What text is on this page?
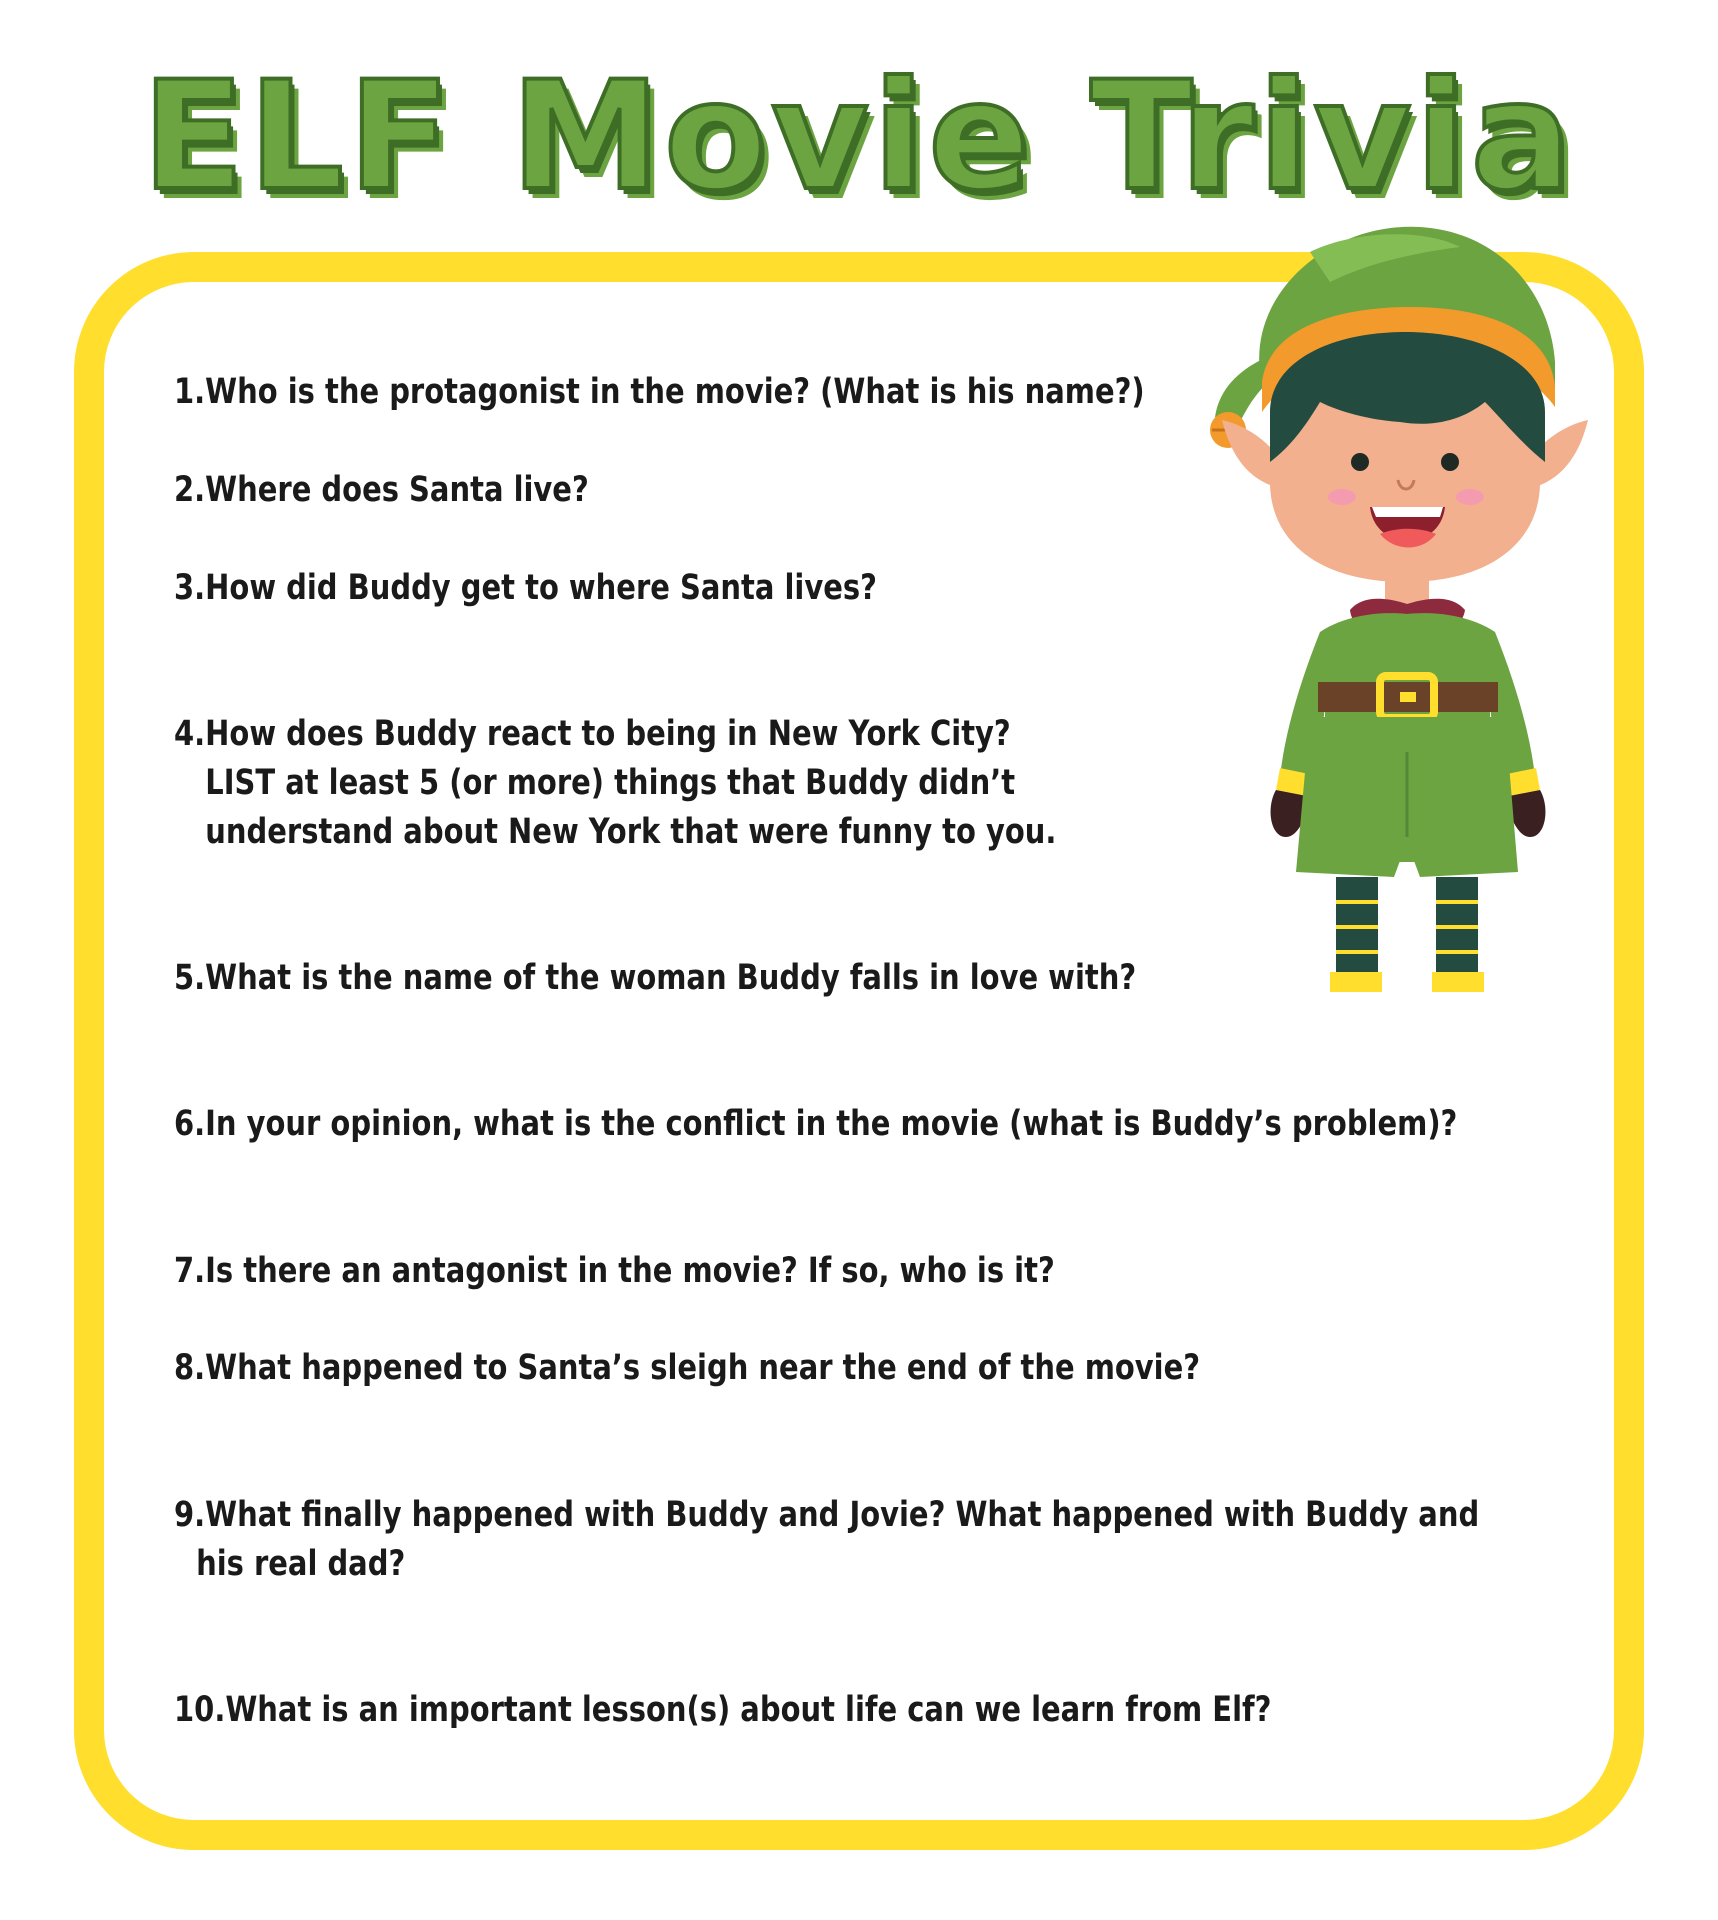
ELF Movie Trivia
1.Who is the protagonist in the movie? (What is his name?)
2.Where does Santa live?
3.How did Buddy get to where Santa lives?
4.How does Buddy react to being in New York City?
LIST at least 5 (or more) things that Buddy didn’t
understand about New York that were funny to you.
5.What is the name of the woman Buddy falls in love with?
6.In your opinion, what is the conflict in the movie (what is Buddy’s problem)?
7.Is there an antagonist in the movie? If so, who is it?
8.What happened to Santa’s sleigh near the end of the movie?
9.What finally happened with Buddy and Jovie? What happened with Buddy and
his real dad?
10.What is an important lesson(s) about life can we learn from Elf?
